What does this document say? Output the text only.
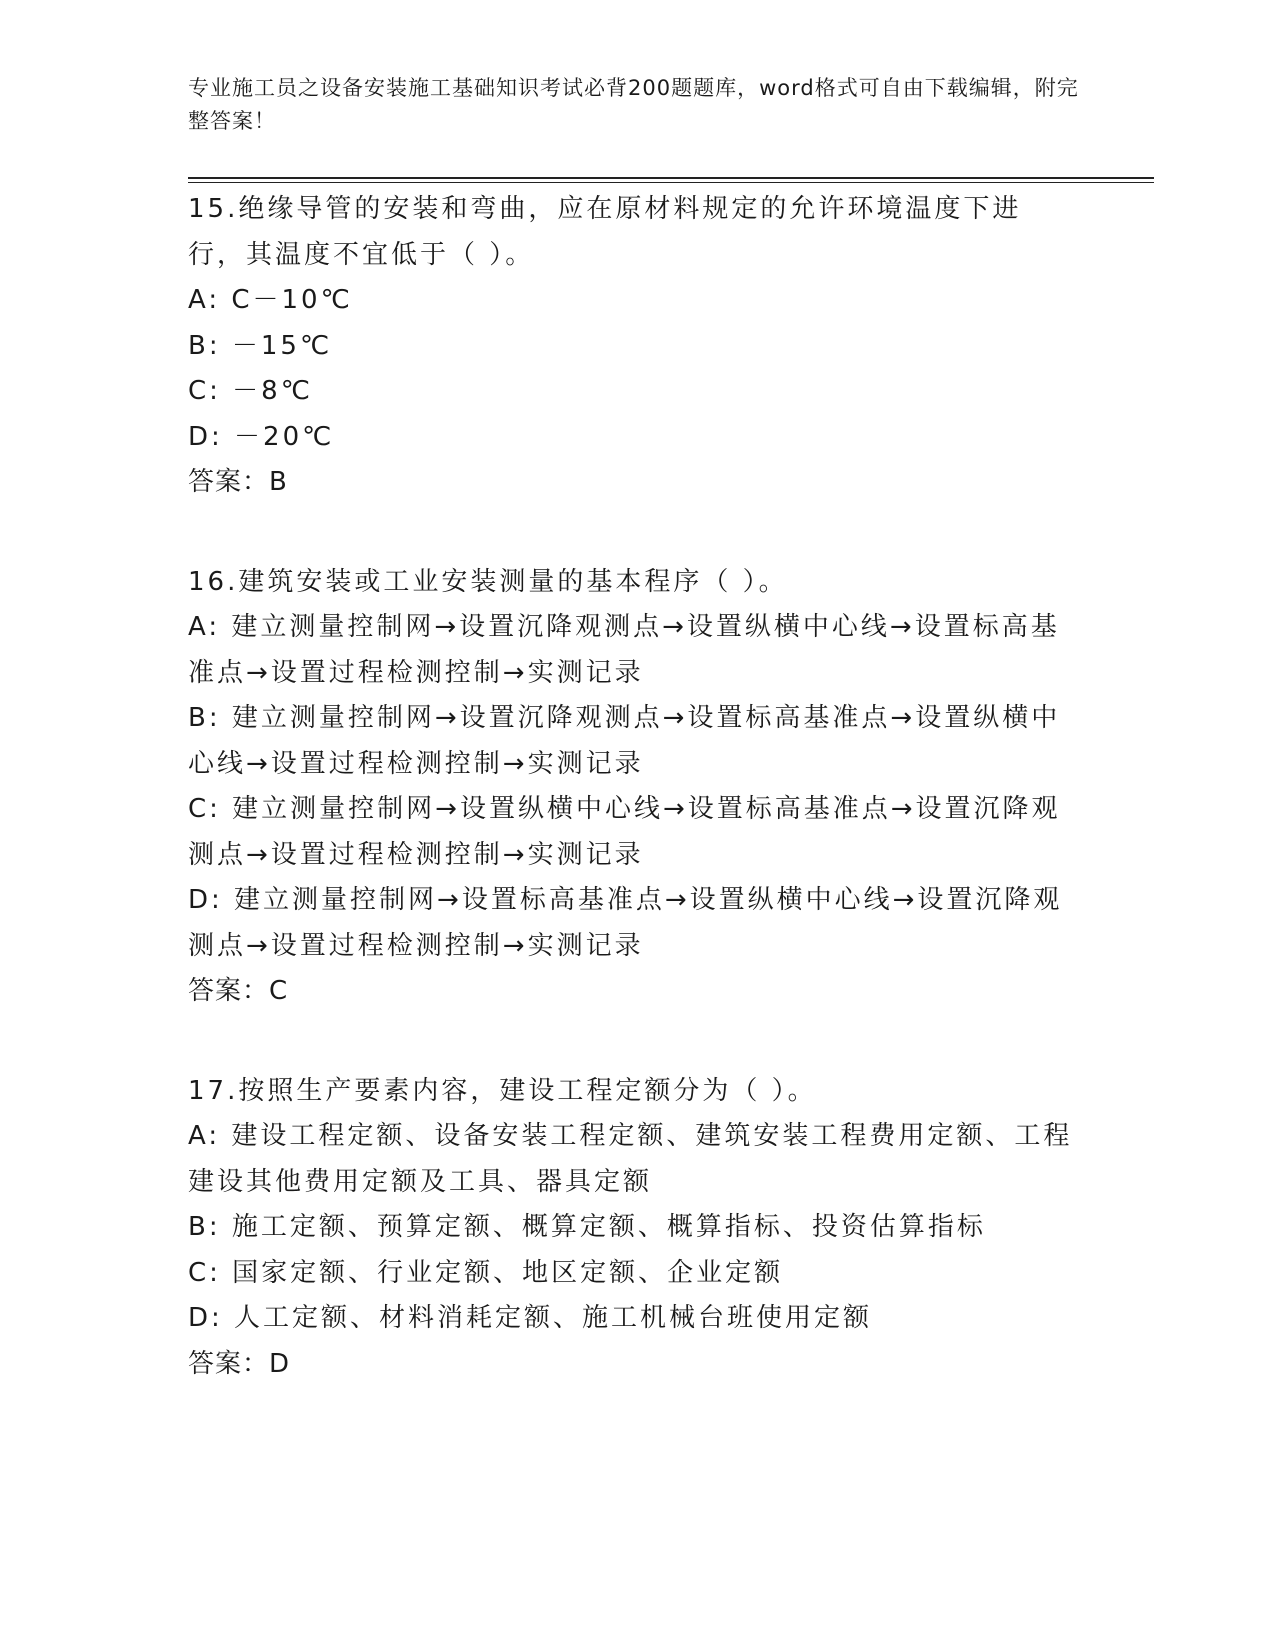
专业施工员之设备安装施工基础知识考试必背200题题库，word格式可自由下载编辑，附完整答案！
15.绝缘导管的安装和弯曲，应在原材料规定的允许环境温度下进行，其温度不宜低于（ ）。
A: C－10℃
B: －15℃
C: －8℃
D: －20℃
答案：B
16.建筑安装或工业安装测量的基本程序（ ）。
A: 建立测量控制网→设置沉降观测点→设置纵横中心线→设置标高基准点→设置过程检测控制→实测记录
B: 建立测量控制网→设置沉降观测点→设置标高基准点→设置纵横中心线→设置过程检测控制→实测记录
C: 建立测量控制网→设置纵横中心线→设置标高基准点→设置沉降观测点→设置过程检测控制→实测记录
D: 建立测量控制网→设置标高基准点→设置纵横中心线→设置沉降观测点→设置过程检测控制→实测记录
答案：C
17.按照生产要素内容，建设工程定额分为（ ）。
A: 建设工程定额、设备安装工程定额、建筑安装工程费用定额、工程建设其他费用定额及工具、器具定额
B: 施工定额、预算定额、概算定额、概算指标、投资估算指标
C: 国家定额、行业定额、地区定额、企业定额
D: 人工定额、材料消耗定额、施工机械台班使用定额
答案：D
